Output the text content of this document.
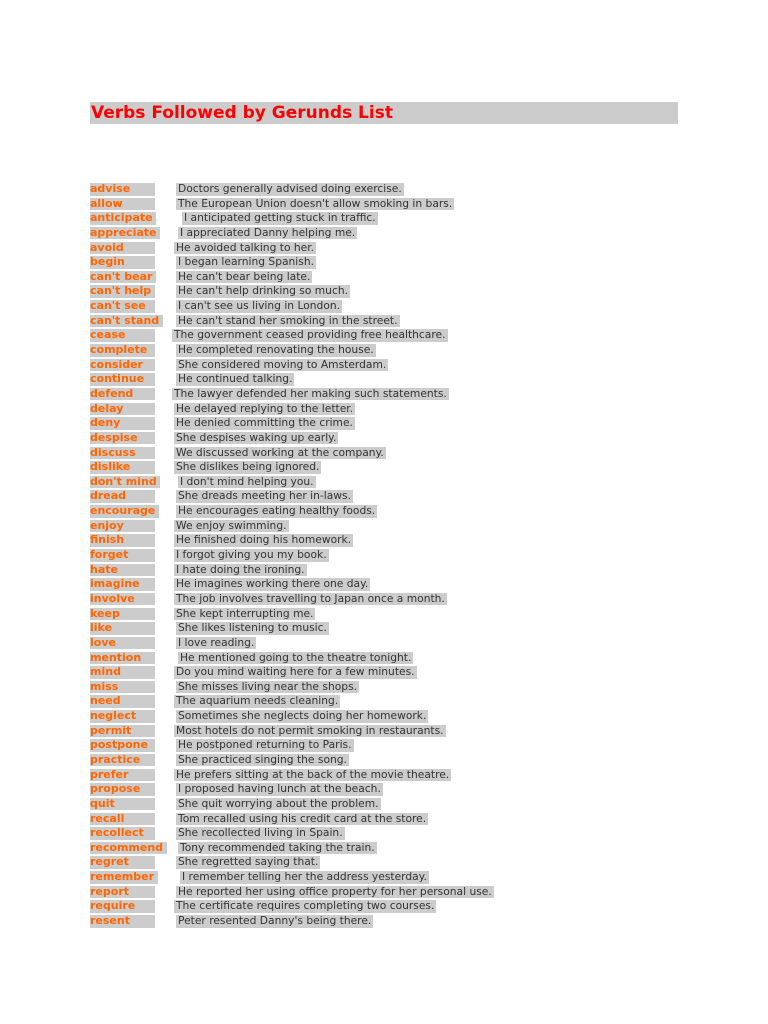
Verbs Followed by Gerunds List
advise	Doctors generally advised doing exercise.
allow	The European Union doesn't allow smoking in bars.
anticipate	I anticipated getting stuck in traffic.
appreciate I appreciated Danny helping me.
avoid	He avoided talking to her.
begin	I began learning Spanish.
can't bear He can't bear being late.
can't help	He can't help drinking so much.
can't see	I can't see us living in London.
can't stand He can't stand her smoking in the street.
cease	The government ceased providing free healthcare.
complete	He completed renovating the house.
consider	She considered moving to Amsterdam.
continue	He continued talking.
defend	The lawyer defended her making such statements.
delay	He delayed replying to the letter.
deny	He denied committing the crime.
despise	She despises waking up early.
discuss	We discussed working at the company.
dislike	She dislikes being ignored.
don't mind I don't mind helping you.
dread	She dreads meeting her in-laws.
encourage He encourages eating healthy foods.
enjoy	We enjoy swimming.
finish	He finished doing his homework.
forget	I forgot giving you my book.
hate	I hate doing the ironing.
imagine	He imagines working there one day.
involve	The job involves travelling to Japan once a month.
keep	She kept interrupting me.
like	She likes listening to music.
love	I love reading.
mention	He mentioned going to the theatre tonight.
mind	Do you mind waiting here for a few minutes.
miss	She misses living near the shops.
need	The aquarium needs cleaning.
neglect	Sometimes she neglects doing her homework.
permit	Most hotels do not permit smoking in restaurants.
postpone	He postponed returning to Paris.
practice	She practiced singing the song.
prefer	He prefers sitting at the back of the movie theatre.
propose	I proposed having lunch at the beach.
quit	She quit worrying about the problem.
recall	Tom recalled using his credit card at the store.
recollect	She recollected living in Spain.
recommend Tony recommended taking the train.
regret	She regretted saying that.
remember	I remember telling her the address yesterday.
report	He reported her using office property for her personal use.
require	The certificate requires completing two courses.
resent	Peter resented Danny's being there.
